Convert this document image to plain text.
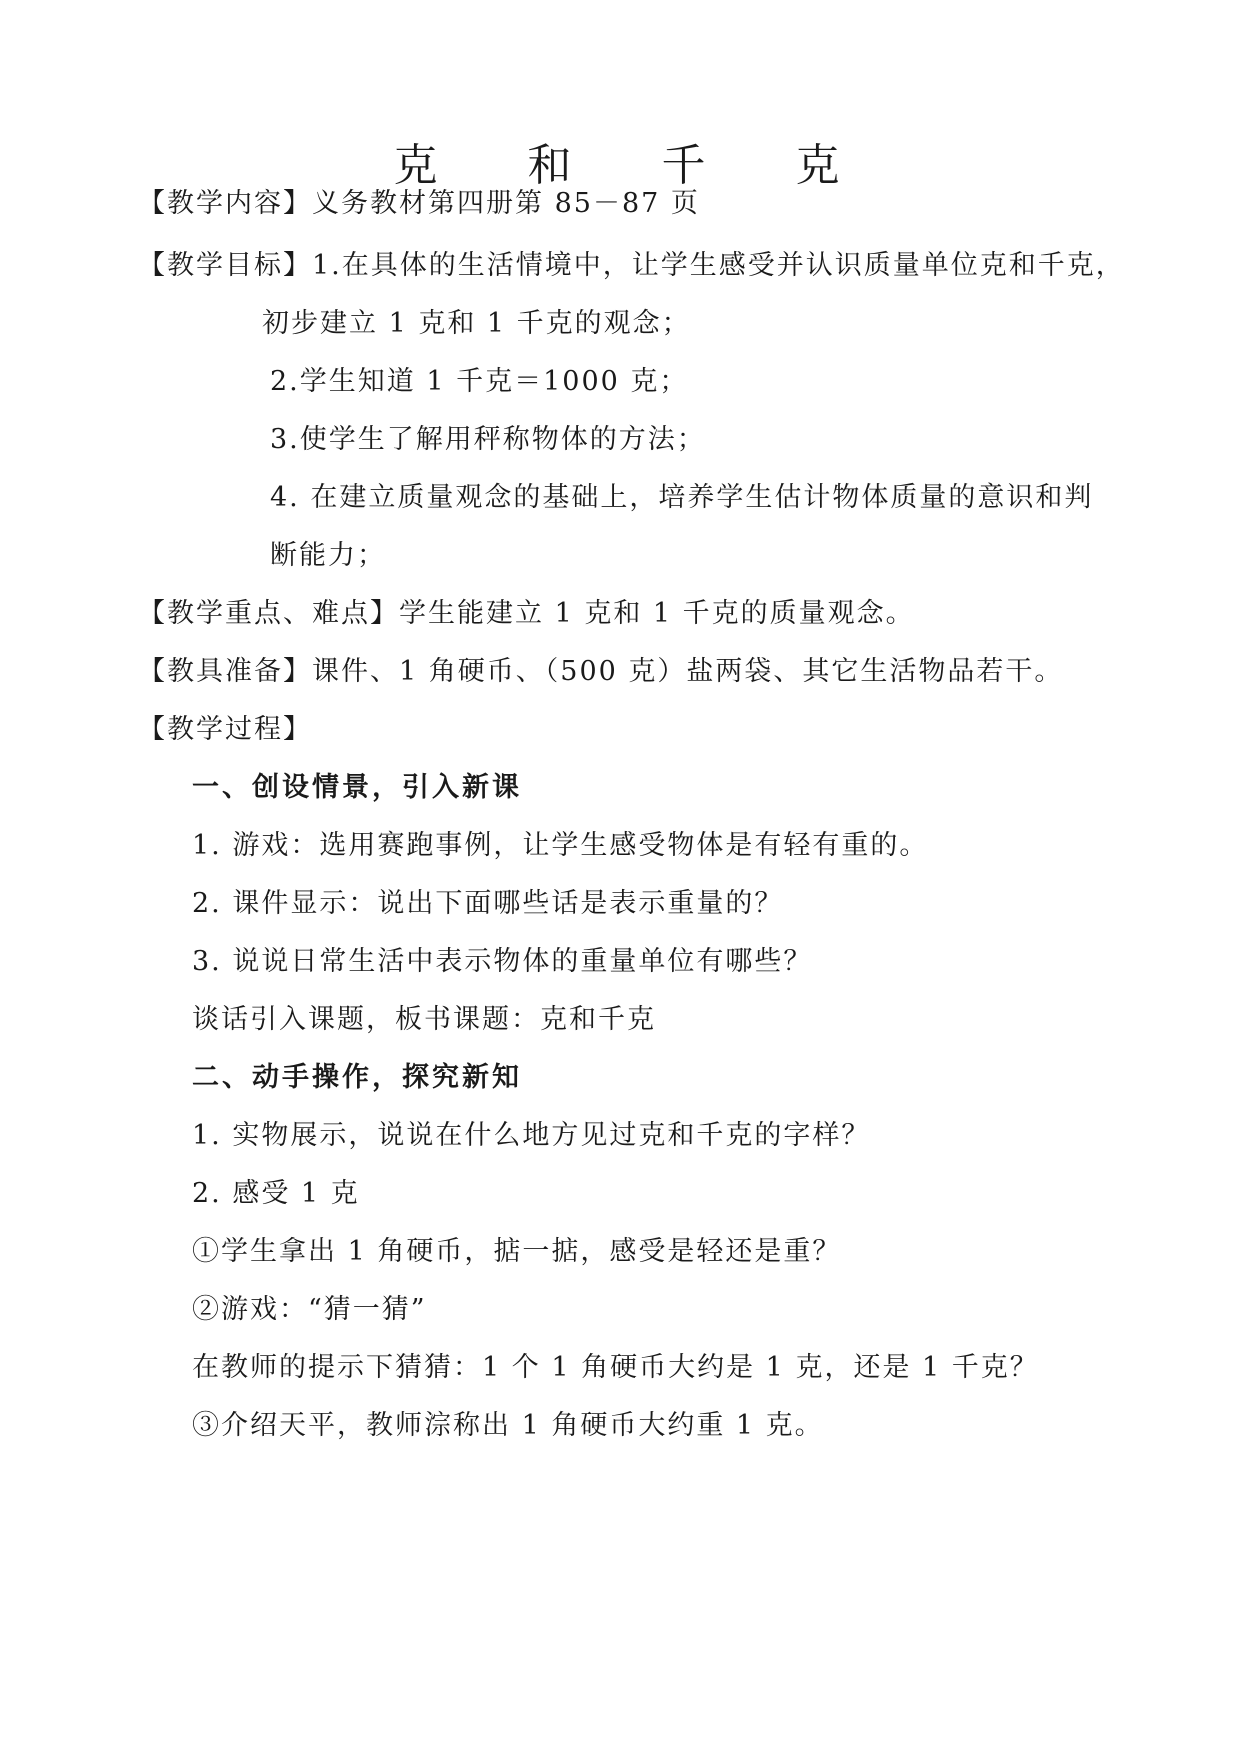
克 和 千 克
【教学内容】义务教材第四册第 85－87 页
【教学目标】1.在具体的生活情境中，让学生感受并认识质量单位克和千克，
初步建立 1 克和 1 千克的观念；
2.学生知道 1 千克＝1000 克；
3.使学生了解用秤称物体的方法；
4. 在建立质量观念的基础上，培养学生估计物体质量的意识和判
断能力；
【教学重点、难点】学生能建立 1 克和 1 千克的质量观念。
【教具准备】课件、1 角硬币、（500 克）盐两袋、其它生活物品若干。
【教学过程】
一、创设情景，引入新课
1. 游戏：选用赛跑事例，让学生感受物体是有轻有重的。
2. 课件显示：说出下面哪些话是表示重量的？
3. 说说日常生活中表示物体的重量单位有哪些？
谈话引入课题，板书课题：克和千克
二、动手操作，探究新知
1. 实物展示，说说在什么地方见过克和千克的字样？
2. 感受 1 克
①学生拿出 1 角硬币，掂一掂，感受是轻还是重？
②游戏：“猜一猜”
在教师的提示下猜猜：1 个 1 角硬币大约是 1 克，还是 1 千克？
③介绍天平，教师淙称出 1 角硬币大约重 1 克。
